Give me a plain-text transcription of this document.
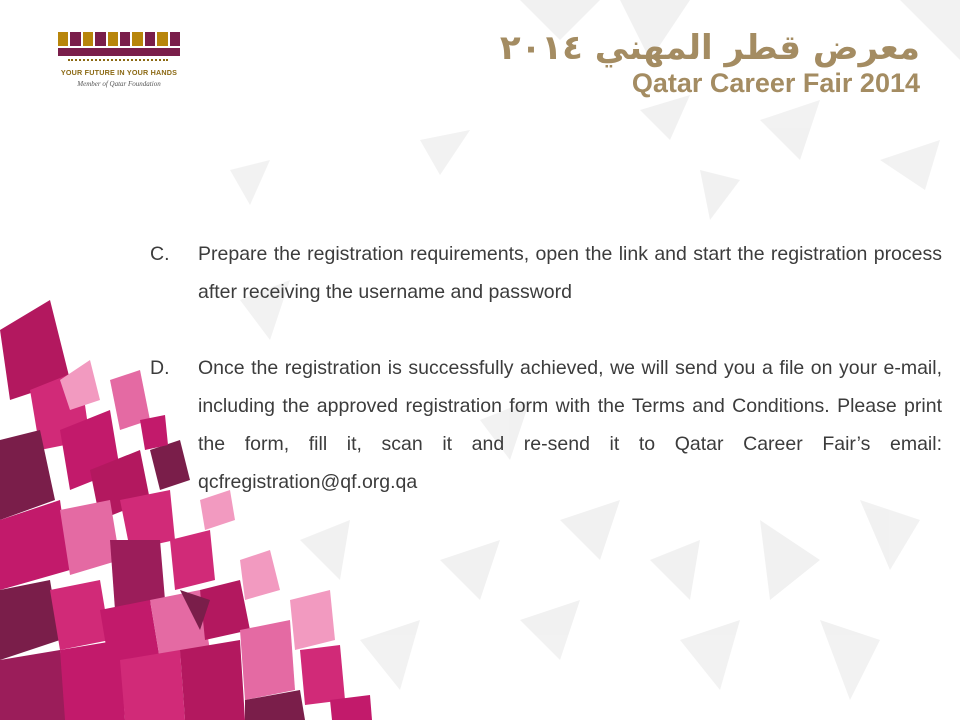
YOUR FUTURE IN YOUR HANDS
Member of Qatar Foundation
معرض قطر المهني ٢٠١٤
Qatar Career Fair 2014
C. Prepare the registration requirements, open the link and start the registration process after receiving the username and password
D. Once the registration is successfully achieved, we will send you a file on your e-mail, including the approved registration form with the Terms and Conditions. Please print the form, fill it, scan it and re-send it to Qatar Career Fair’s email: qcfregistration@qf.org.qa
